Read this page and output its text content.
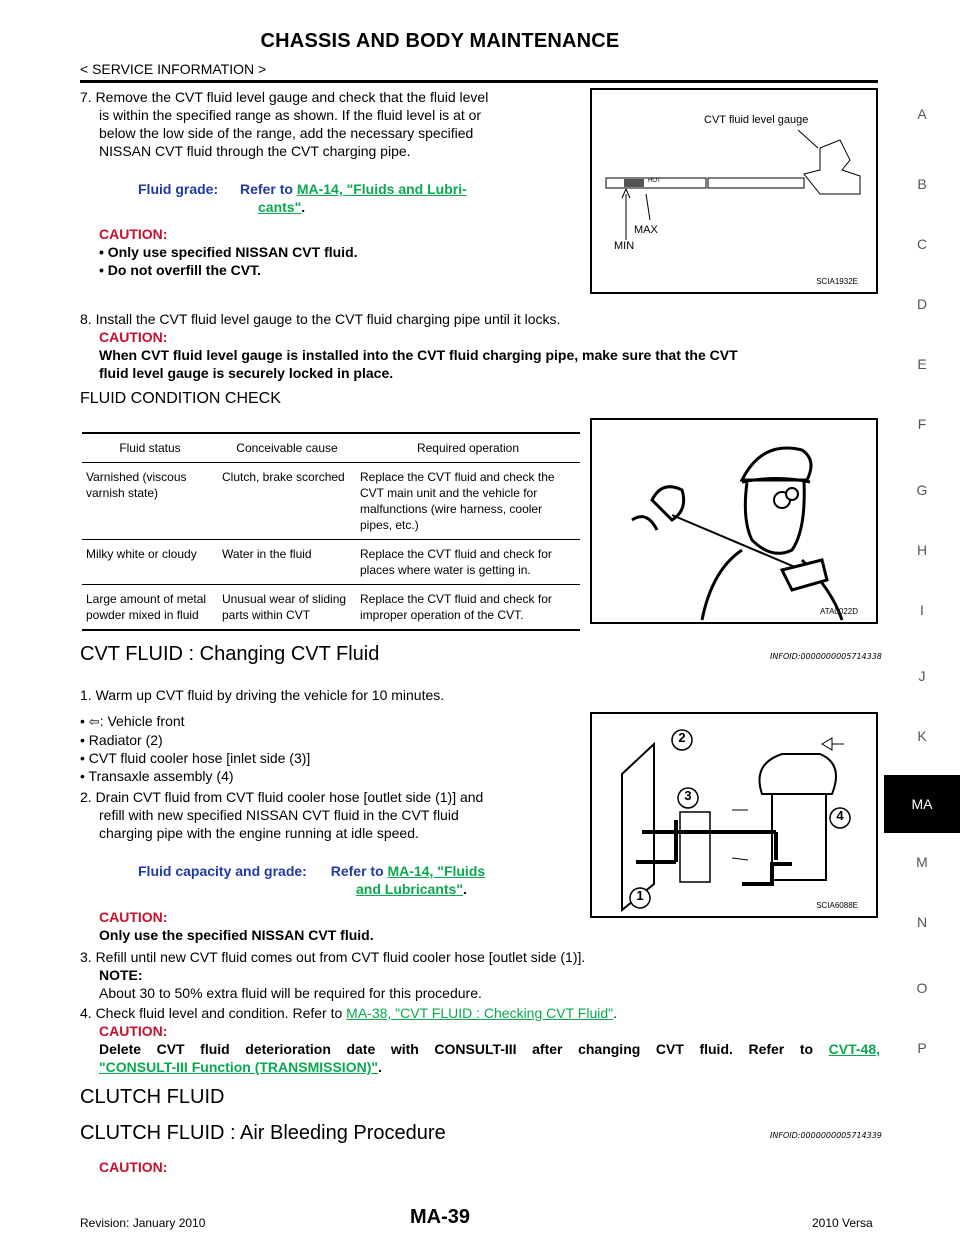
CHASSIS AND BODY MAINTENANCE
< SERVICE INFORMATION >
A
B
C
D
E
F
G
H
I
J
K
MA
M
N
O
P
7. Remove the CVT fluid level gauge and check that the fluid level
is within the specified range as shown. If the fluid level is at or
below the low side of the range, add the necessary specified
NISSAN CVT fluid through the CVT charging pipe.
Fluid grade: Refer to MA-14, "Fluids and Lubri-
cants".
CAUTION:
• Only use specified NISSAN CVT fluid.
• Do not overfill the CVT.
CVT fluid level gauge
HOT
MAX
MIN
SCIA1932E
8. Install the CVT fluid level gauge to the CVT fluid charging pipe until it locks.
CAUTION:
When CVT fluid level gauge is installed into the CVT fluid charging pipe, make sure that the CVT
fluid level gauge is securely locked in place.
FLUID CONDITION CHECK
Fluid status	Conceivable cause	Required operation
Varnished (viscous varnish state)	Clutch, brake scorched	Replace the CVT fluid and check the CVT main unit and the vehicle for malfunctions (wire harness, cooler pipes, etc.)
Milky white or cloudy	Water in the fluid	Replace the CVT fluid and check for places where water is getting in.
Large amount of metal powder mixed in fluid	Unusual wear of sliding parts within CVT	Replace the CVT fluid and check for improper operation of the CVT.	ATA0022D
CVT FLUID : Changing CVT Fluid	INFOID:0000000005714338
1. Warm up CVT fluid by driving the vehicle for 10 minutes.
• ⇦: Vehicle front
• Radiator (2)
• CVT fluid cooler hose [inlet side (3)]
• Transaxle assembly (4)
2. Drain CVT fluid from CVT fluid cooler hose [outlet side (1)] and
refill with new specified NISSAN CVT fluid in the CVT fluid
charging pipe with the engine running at idle speed.
Fluid capacity and grade: Refer to MA-14, "Fluids
and Lubricants".
CAUTION:
Only use the specified NISSAN CVT fluid.
2
3
4
1
SCIA6088E
3. Refill until new CVT fluid comes out from CVT fluid cooler hose [outlet side (1)].
NOTE:
About 30 to 50% extra fluid will be required for this procedure.
4. Check fluid level and condition. Refer to MA-38, "CVT FLUID : Checking CVT Fluid".
CAUTION:
Delete CVT fluid deterioration date with CONSULT-III after changing CVT fluid. Refer to CVT-48,
"CONSULT-III Function (TRANSMISSION)".
CLUTCH FLUID
CLUTCH FLUID : Air Bleeding Procedure	INFOID:0000000005714339
CAUTION:
MA-39
Revision: January 2010	2010 Versa
